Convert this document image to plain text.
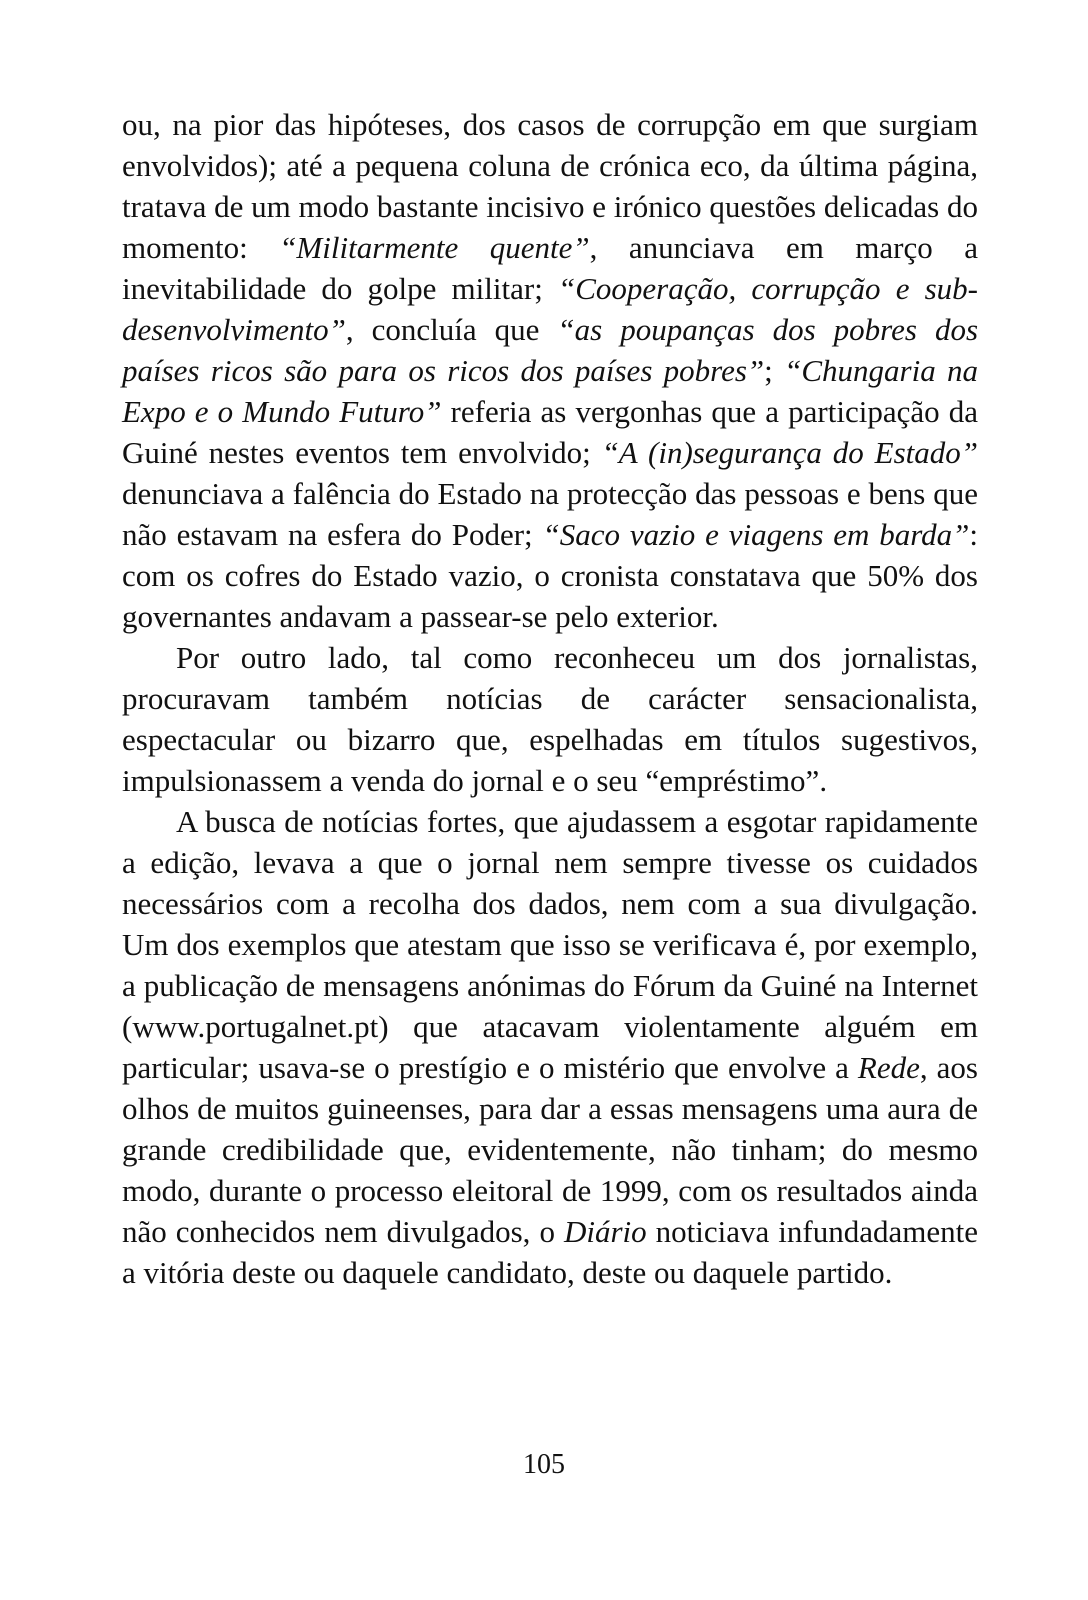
ou, na pior das hipóteses, dos casos de corrupção em que surgiam envolvidos); até a pequena coluna de crónica eco, da última página, tratava de um modo bastante incisivo e irónico questões delicadas do momento: “Militarmente quente”, anunciava em março a inevitabilidade do golpe militar; “Cooperação, corrupção e sub-desenvolvimento”, concluía que “as poupanças dos pobres dos países ricos são para os ricos dos países pobres”; “Chungaria na Expo e o Mundo Futuro” referia as vergonhas que a participação da Guiné nestes eventos tem envolvido; “A (in)segurança do Estado” denunciava a falência do Estado na protecção das pessoas e bens que não estavam na esfera do Poder; “Saco vazio e viagens em barda”: com os cofres do Estado vazio, o cronista constatava que 50% dos governantes andavam a passear-se pelo exterior.

Por outro lado, tal como reconheceu um dos jornalistas, procuravam também notícias de carácter sensacionalista, espectacular ou bizarro que, espelhadas em títulos sugestivos, impulsionassem a venda do jornal e o seu “empréstimo”.

A busca de notícias fortes, que ajudassem a esgotar rapidamente a edição, levava a que o jornal nem sempre tivesse os cuidados necessários com a recolha dos dados, nem com a sua divulgação. Um dos exemplos que atestam que isso se verificava é, por exemplo, a publicação de mensagens anónimas do Fórum da Guiné na Internet (www.portugalnet.pt) que atacavam violentamente alguém em particular; usava-se o prestígio e o mistério que envolve a Rede, aos olhos de muitos guineenses, para dar a essas mensagens uma aura de grande credibilidade que, evidentemente, não tinham; do mesmo modo, durante o processo eleitoral de 1999, com os resultados ainda não conhecidos nem divulgados, o Diário noticiava infundadamente a vitória deste ou daquele candidato, deste ou daquele partido.

105
